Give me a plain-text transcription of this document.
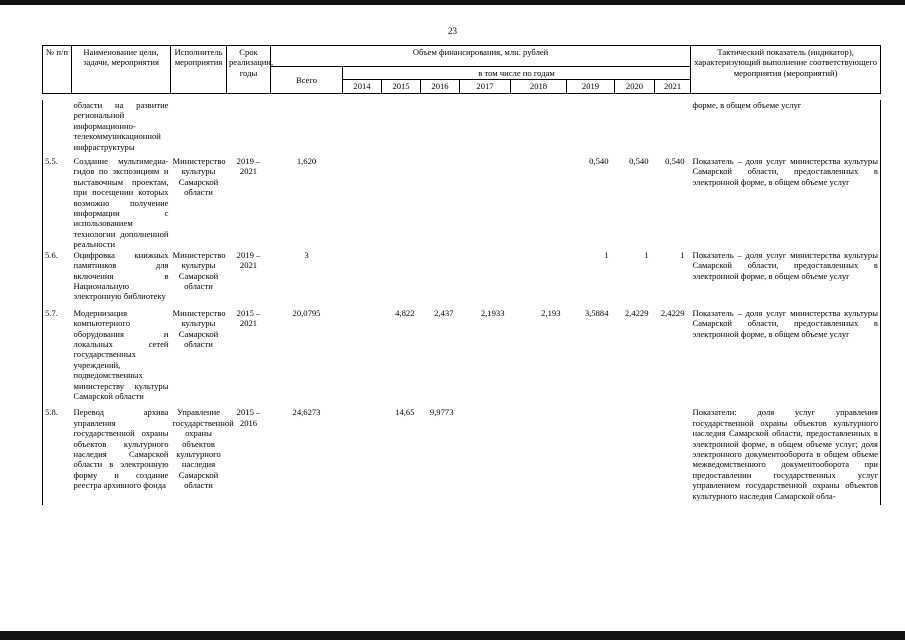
23
№ п/п	Наименование цели, задачи, мероприятия	Исполнитель мероприятия	Срок реализации, годы	Объем финансирования, млн. рублей									Тактический показатель (индикатор), характеризующий выполнение соответствующего мероприятия (мероприятий)
				Всего	в том числе по годам								
					2014	2015	2016	2017	2018	2019	2020	2021	
	области на развитие региональной информационно-телекоммуникационной инфраструктуры												форме, в общем объеме услуг
5.5.	Создание мультимедиа-гидов по экспозициям и выставочным проектам, при посещении которых возможно получение информации с использованием технологии дополненной реальности	Министерство культуры Самарской области	2019 – 2021	1,620						0,540	0,540	0,540	Показатель – доля услуг министерства культуры Самарской области, предоставленных в электронной форме, в общем объеме услуг
5.6.	Оцифровка книжных памятников для включения в Национальную электронную библиотеку	Министерство культуры Самарской области	2019 – 2021	3						1	1	1	Показатель – доля услуг министерства культуры Самарской области, предоставленных в электронной форме, в общем объеме услуг
5.7.	Модернизация компьютерного оборудования и локальных сетей государственных учреждений, подведомственных министерству культуры Самарской области	Министерство культуры Самарской области	2015 – 2021	20,0795		4,822	2,437	2,1933	2,193	3,5884	2,4229	2,4229	Показатель – доля услуг министерства культуры Самарской области, предоставленных в электронной форме, в общем объеме услуг
5.8.	Перевод архива управления государственной охраны объектов культурного наследия Самарской области в электронную форму и создание реестра архивного фонда	Управление государственной охраны объектов культурного наследия Самарской области	2015 – 2016	24,6273		14,65	9,9773						Показатели: доля услуг управления государственной охраны объектов культурного наследия Самарской области, предоставленных в электронной форме, в общем объеме услуг; доля электронного документооборота в общем объеме межведомственного документооборота при предоставлении государственных услуг управлением государственной охраны объектов культурного наследия Самарской обла-
